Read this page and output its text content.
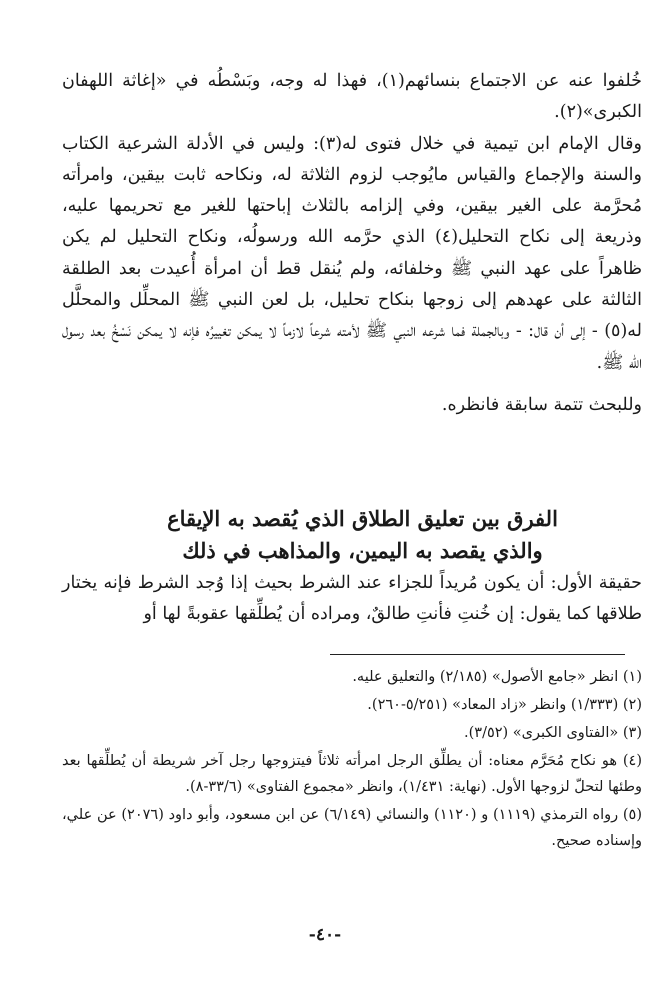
خُلفوا عنه عن الاجتماع بنسائهم(١)، فهذا له وجه، وبَسْطُه في «إغاثة اللهفان الكبرى»(٢).

وقال الإمام ابن تيمية في خلال فتوى له(٣): وليس في الأدلة الشرعية الكتاب والسنة والإجماع والقياس مايُوجب لزوم الثلاثة له، ونكاحه ثابت بيقين، وامرأته مُحرَّمة على الغير بيقين، وفي إلزامه بالثلاث إباحتها للغير مع تحريمها عليه، وذريعة إلى نكاح التحليل(٤) الذي حرَّمه الله ورسولُه، ونكاح التحليل لم يكن ظاهراً على عهد النبي ﷺ وخلفائه، ولم يُنقل قط أن امرأة أُعيدت بعد الطلقة الثالثة على عهدهم إلى زوجها بنكاح تحليل، بل لعن النبي ﷺ المحلِّل والمحلَّل له(٥) - إلى أن قال: - وبالجملة فما شرعه النبي ﷺ لأمته شرعاً لازماً لا يمكن تغييرُه فإنه لا يمكن نَسْخُ بعد رسول الله ﷺ.

وللبحث تتمة سابقة فانظره.

الفرق بين تعليق الطلاق الذي يُقصد به الإيقاع
والذي يقصد به اليمين، والمذاهب في ذلك

حقيقة الأول: أن يكون مُريداً للجزاء عند الشرط بحيث إذا وُجد الشرط فإنه يختار طلاقها كما يقول: إن خُنتِ فأنتِ طالقٌ، ومراده أن يُطلِّقها عقوبةً لها أو

(١) انظر «جامع الأصول» (٢/١٨٥) والتعليق عليه.

(٢) (١/٣٣٣) وانظر «زاد المعاد» (٥/٢٥١-٢٦٠).

(٣) «الفتاوى الكبرى» (٣/٥٢).

(٤) هو نكاح مُحَرَّم معناه: أن يطلِّق الرجل امرأته ثلاثاً فيتزوجها رجل آخر شريطة أن يُطلِّقها بعد وطئها لتحلّ لزوجها الأول. (نهاية: ١/٤٣١)، وانظر «مجموع الفتاوى» (٣٣/٦-٨).

(٥) رواه الترمذي (١١١٩) و (١١٢٠) والنسائي (٦/١٤٩) عن ابن مسعود، وأبو داود (٢٠٧٦) عن علي، وإسناده صحيح.

-٤٠-
